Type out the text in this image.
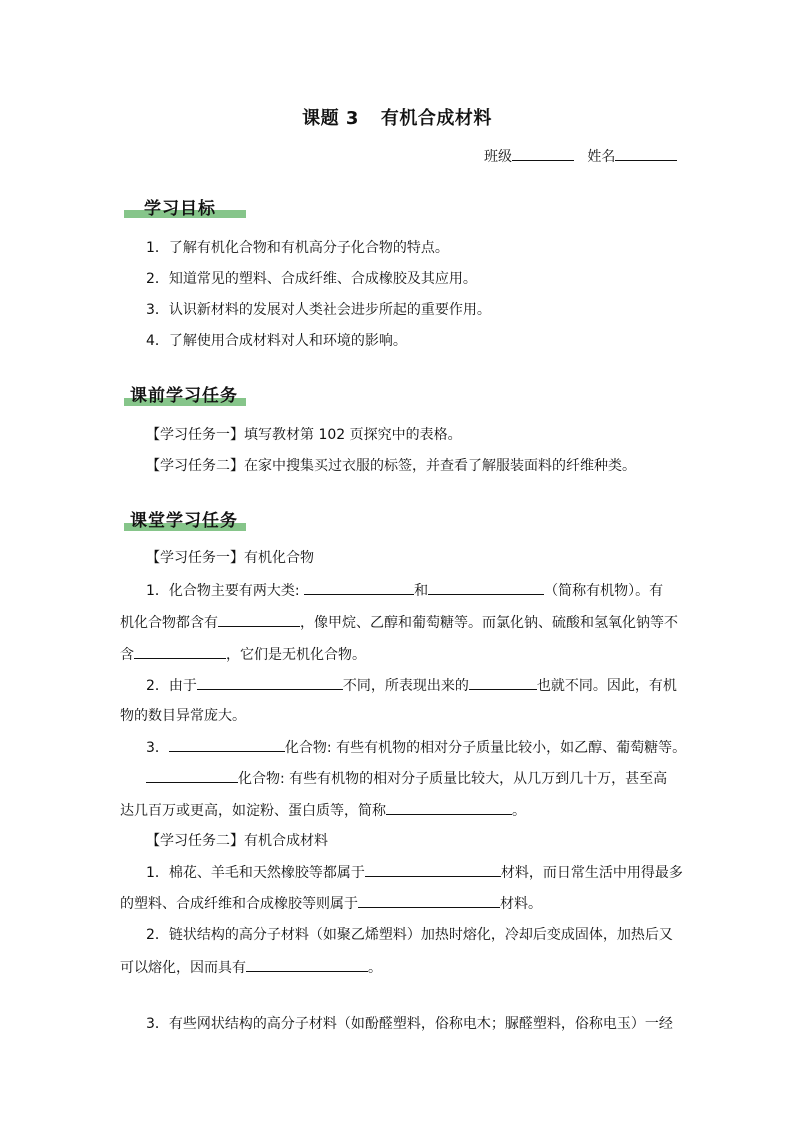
课题 3 有机合成材料
班级	姓名
学习目标
1．了解有机化合物和有机高分子化合物的特点。
2．知道常见的塑料、合成纤维、合成橡胶及其应用。
3．认识新材料的发展对人类社会进步所起的重要作用。
4．了解使用合成材料对人和环境的影响。
课前学习任务
【学习任务一】填写教材第 102 页探究中的表格。
【学习任务二】在家中搜集买过衣服的标签，并查看了解服装面料的纤维种类。
课堂学习任务
【学习任务一】有机化合物
1．化合物主要有两大类:	和	（简称有机物）。有
机化合物都含有	，像甲烷、乙醇和葡萄糖等。而氯化钠、硫酸和氢氧化钠等不
含	，它们是无机化合物。
2．由于	不同，所表现出来的	也就不同。因此，有机
物的数目异常庞大。
3．	化合物: 有些有机物的相对分子质量比较小，如乙醇、葡萄糖等。
化合物: 有些有机物的相对分子质量比较大，从几万到几十万，甚至高
达几百万或更高，如淀粉、蛋白质等，简称	。
【学习任务二】有机合成材料
1．棉花、羊毛和天然橡胶等都属于	材料，而日常生活中用得最多
的塑料、合成纤维和合成橡胶等则属于	材料。
2．链状结构的高分子材料（如聚乙烯塑料）加热时熔化，冷却后变成固体，加热后又
可以熔化，因而具有	。
3．有些网状结构的高分子材料（如酚醛塑料，俗称电木；脲醛塑料，俗称电玉）一经
